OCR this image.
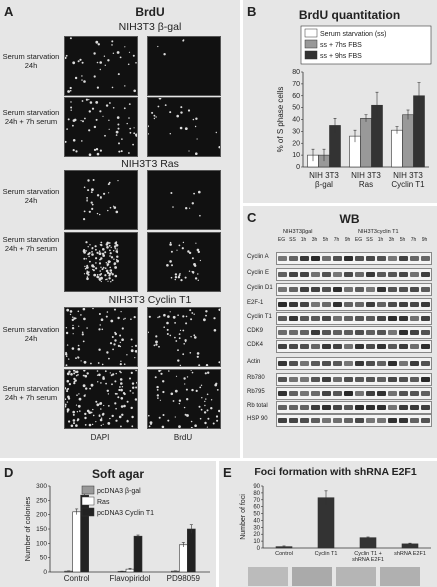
A	BrdU
NIH3T3 β-gal
Serum starvation 24h
Serum starvation 24h + 7h serum
NIH3T3 Ras
Serum starvation 24h
Serum starvation 24h + 7h serum
NIH3T3 Cyclin T1
Serum starvation 24h
Serum starvation 24h + 7h serum
DAPI	BrdU
B	BrdU quantitation
Serum starvation (ss)
ss + 7hs FBS
ss + 9hs FBS
0
10
20
30
40
50
60
70
80
% of S phase cells
NIH 3T3
β-gal
NIH 3T3
Ras
NIH 3T3
Cyclin T1
C	WB
NIH3T3βgal	NIH3T3cyclin T1
EG SS 1h	3h	5h	7h	9h EG SS 1h	3h	5h	7h	9h
Cyclin A
Cyclin E
Cyclin D1
E2F-1
Cyclin T1
CDK9
CDK4
Actin
Rb780
Rb795
Rb total
HSP 90
D	Soft agar
0
50
100
150
200
250
300
Number of colonies
Control Flavopiridol PD98059
pcDNA3 β-gal
Ras
pcDNA3 Cyclin T1
E	Foci formation with shRNA E2F1
0
10
20
30
40
50
60
70
80
90
Number of foci
Control	Cyclin T1	Cyclin T1 +
shRNA E2F1
shRNA E2F1
